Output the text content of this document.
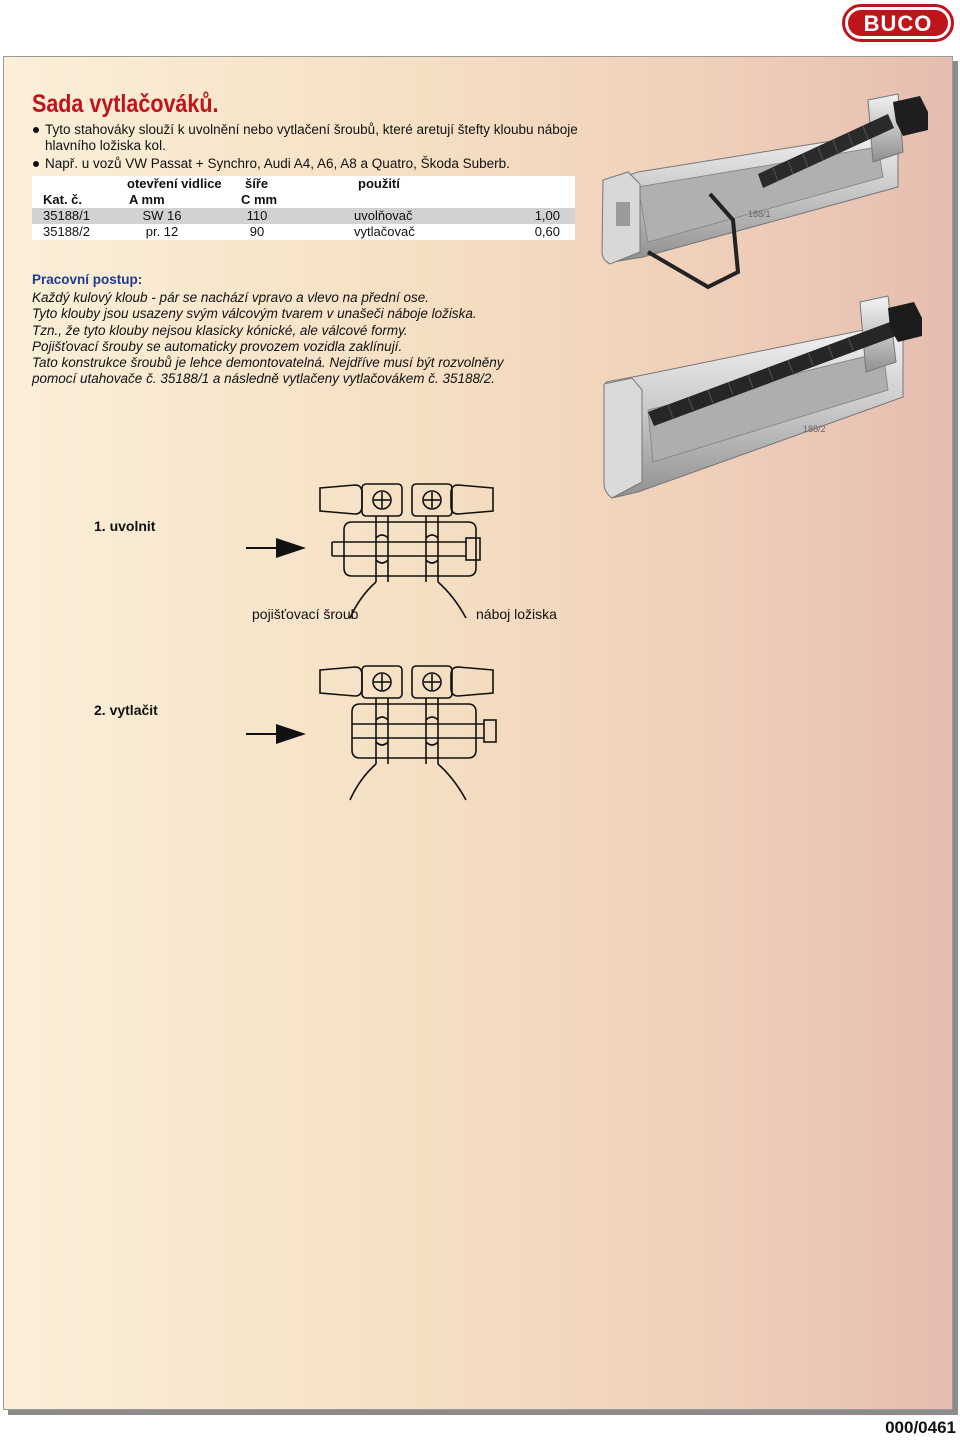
BUCO
Sada vytlačováků.
Tyto stahováky slouží k uvolnění nebo vytlačení šroubů, které aretují štefty kloubu náboje hlavního ložiska kol.
Např. u vozů VW Passat + Synchro, Audi A4, A6, A8 a Quatro, Škoda Suberb.
otevření vidlice šíře	použití
Kat. č.	A mm	C mm
35188/1	SW 16	110	uvolňovač	1,00
35188/2	pr. 12	90	vytlačovač	0,60
Pracovní postup:
Každý kulový kloub - pár se nachází vpravo a vlevo na přední ose.
Tyto klouby jsou usazeny svým válcovým tvarem v unašeči náboje ložiska.
Tzn., že tyto klouby nejsou klasicky kónické, ale válcové formy.
Pojišťovací šrouby se automaticky provozem vozidla zaklínují.
Tato konstrukce šroubů je lehce demontovatelná. Nejdříve musí být rozvolněny
pomocí utahovače č. 35188/1 a následně vytlačeny vytlačovákem č. 35188/2.
188/1
188/2
1. uvolnit
2. vytlačit
pojišťovací šroub	náboj ložiska

000/0461
